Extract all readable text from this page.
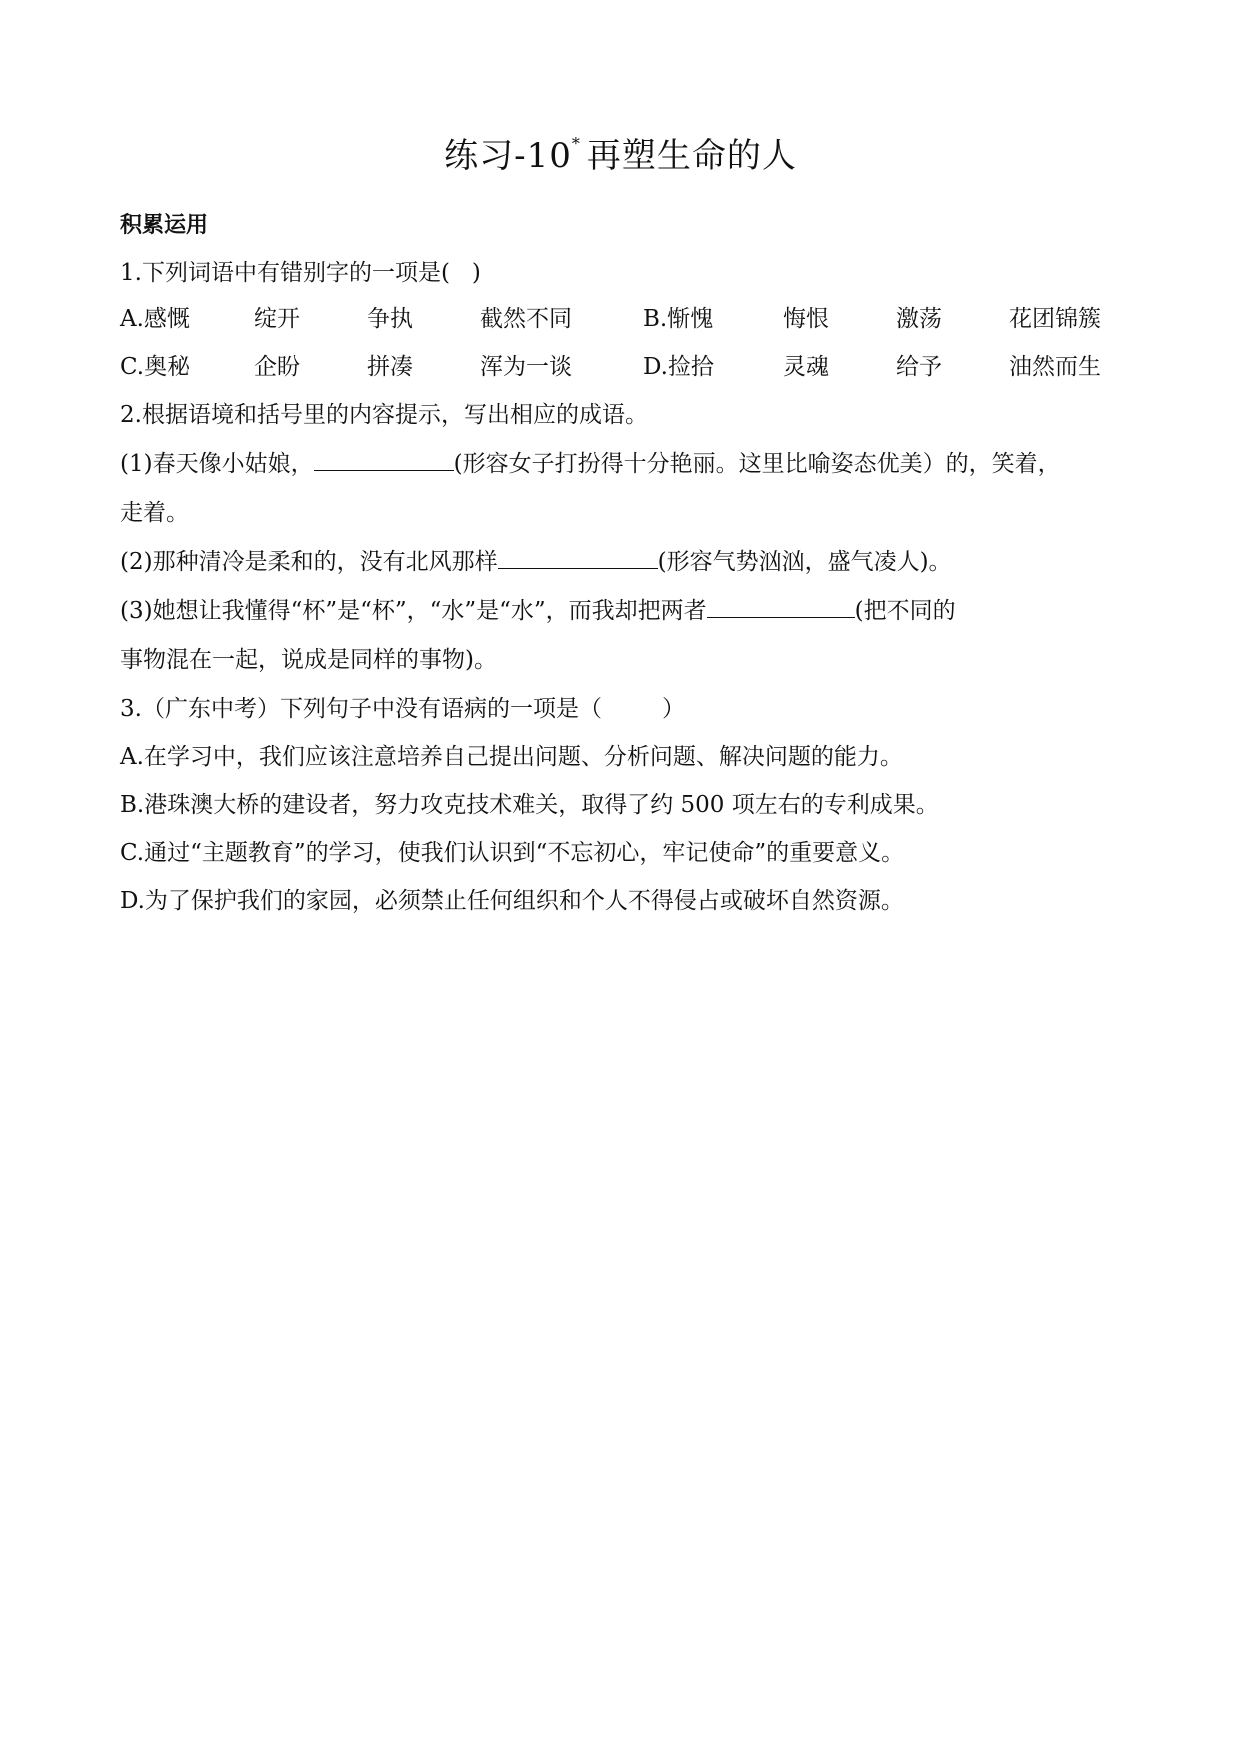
练习-10* 再塑生命的人
积累运用
1.下列词语中有错别字的一项是( )
A.感慨	绽开	争执	截然不同	B.惭愧	悔恨	激荡	花团锦簇
C.奥秘	企盼	拼凑	浑为一谈	D.捡拾	灵魂	给予	油然而生
2.根据语境和括号里的内容提示，写出相应的成语。
(1)春天像小姑娘，	(形容女子打扮得十分艳丽。这里比喻姿态优美）的，笑着，
走着。
(2)那种清冷是柔和的，没有北风那样	(形容气势汹汹，盛气凌人)。
(3)她想让我懂得“杯”是“杯”，“水”是“水”，而我却把两者	(把不同的
事物混在一起，说成是同样的事物)。
3.（广东中考）下列句子中没有语病的一项是（	）
A.在学习中，我们应该注意培养自己提出问题、分析问题、解决问题的能力。
B.港珠澳大桥的建设者，努力攻克技术难关，取得了约 500 项左右的专利成果。
C.通过“主题教育”的学习，使我们认识到“不忘初心，牢记使命”的重要意义。
D.为了保护我们的家园，必须禁止任何组织和个人不得侵占或破坏自然资源。
